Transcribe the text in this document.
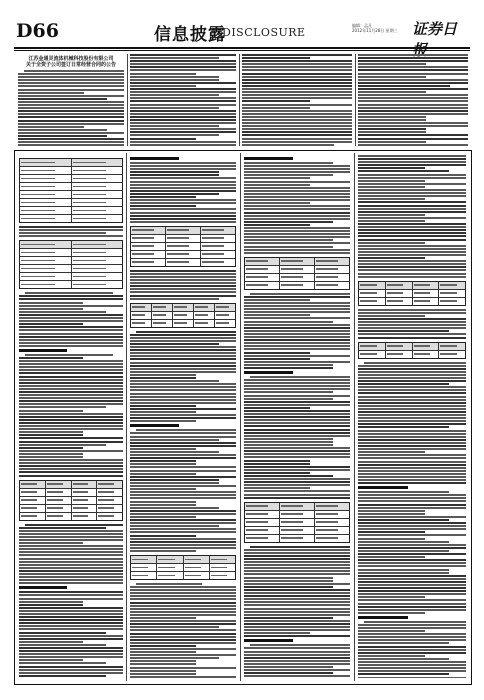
D66	信息披露
DISCLOSURE
编辑：孟凡
2012年11月28日 星期三 证券日
江苏金通灵流体机械科技股份有限公司
关于全资子公司签订日常经营合同的公告
